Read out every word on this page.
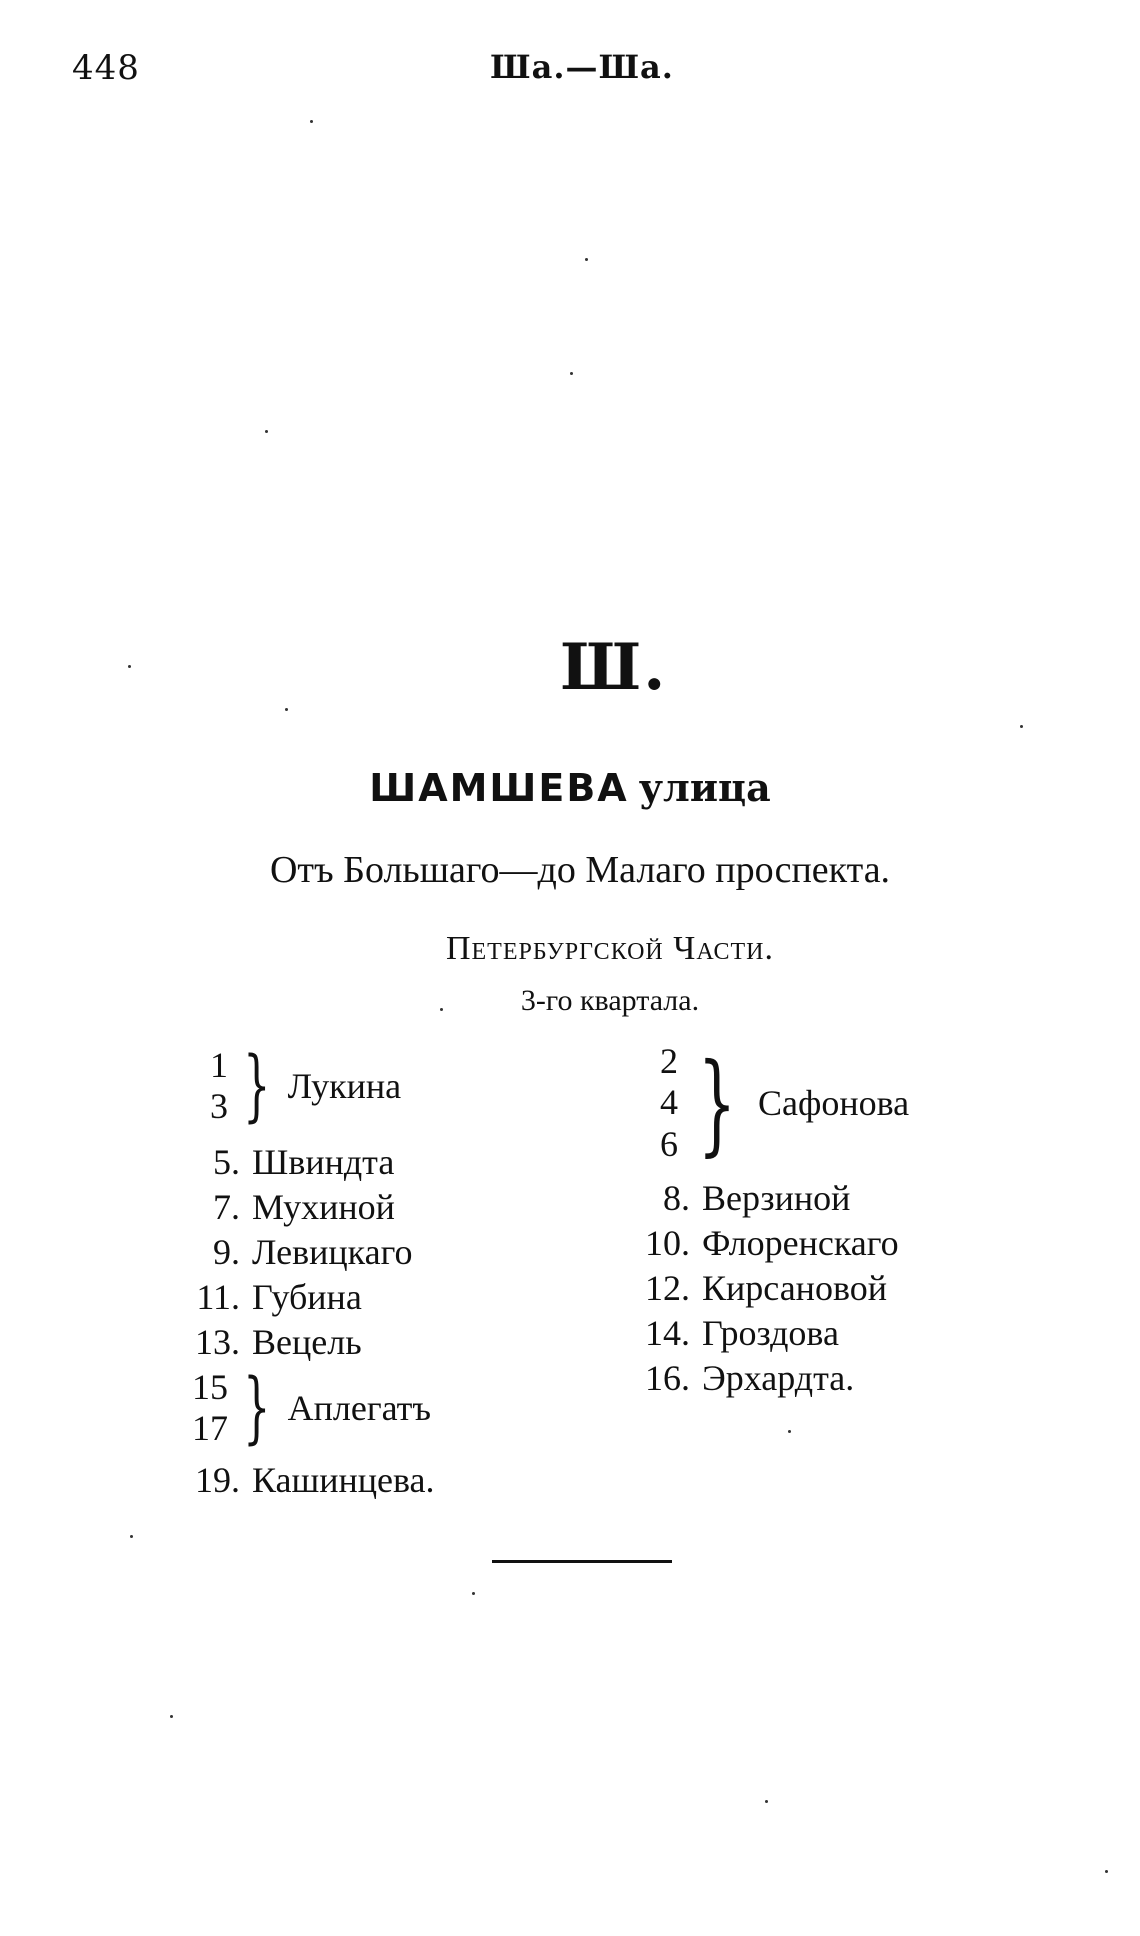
448	Ша.—Ша.
Ш.
ШАМШЕВА улица
Отъ Большаго—до Малаго проспекта.
Петербургской Части.
3-го квартала.
1
3 } Лукина
5. Швиндта
7. Мухиной
9. Левицкаго
11. Губина
13. Вецель
15
17 } Аплегатъ
19. Кашинцева.
2
4
6 } Сафонова
8. Верзиной
10. Флоренскаго
12. Кирсановой
14. Гроздова
16. Эрхардта.
